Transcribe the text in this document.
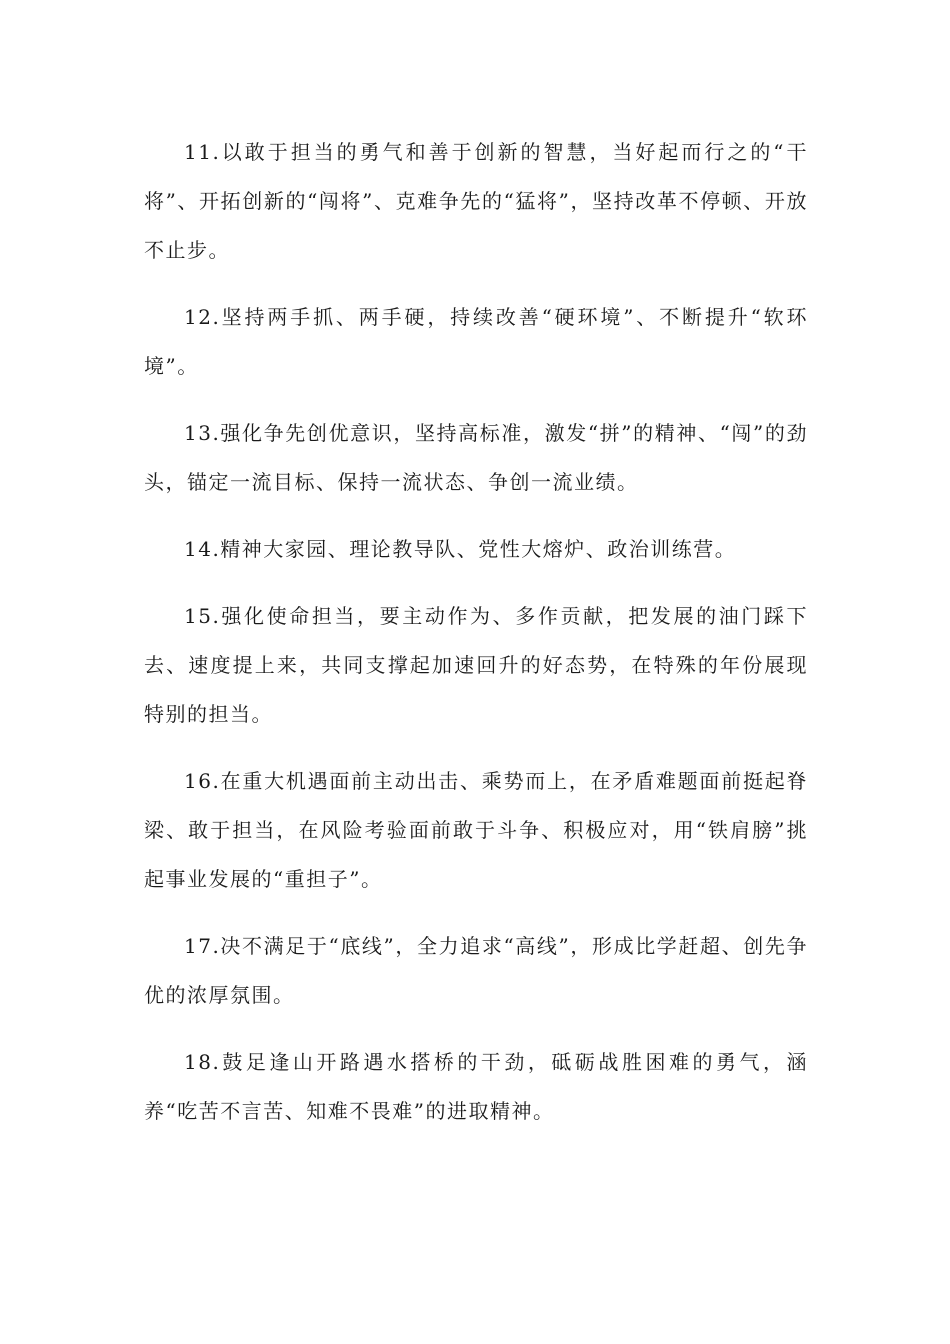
11.以敢于担当的勇气和善于创新的智慧，当好起而行之的“干将”、开拓创新的“闯将”、克难争先的“猛将”，坚持改革不停顿、开放不止步。

12.坚持两手抓、两手硬，持续改善“硬环境”、不断提升“软环境”。

13.强化争先创优意识，坚持高标准，激发“拼”的精神、“闯”的劲头，锚定一流目标、保持一流状态、争创一流业绩。

14.精神大家园、理论教导队、党性大熔炉、政治训练营。

15.强化使命担当，要主动作为、多作贡献，把发展的油门踩下去、速度提上来，共同支撑起加速回升的好态势，在特殊的年份展现特别的担当。

16.在重大机遇面前主动出击、乘势而上，在矛盾难题面前挺起脊梁、敢于担当，在风险考验面前敢于斗争、积极应对，用“铁肩膀”挑起事业发展的“重担子”。

17.决不满足于“底线”，全力追求“高线”，形成比学赶超、创先争优的浓厚氛围。

18.鼓足逢山开路遇水搭桥的干劲，砥砺战胜困难的勇气，涵养“吃苦不言苦、知难不畏难”的进取精神。
